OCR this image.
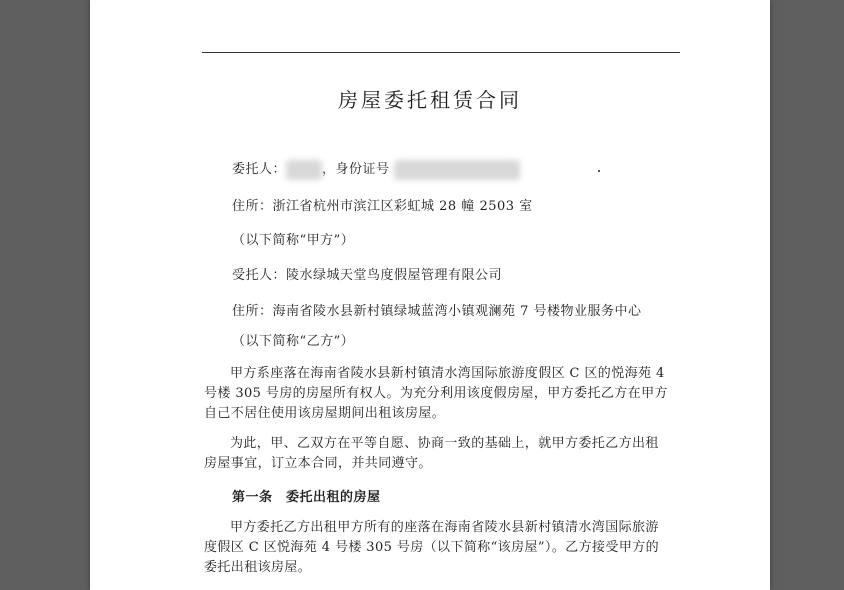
房屋委托租赁合同
委托人：	，身份证号
住所：浙江省杭州市滨江区彩虹城 28 幢 2503 室
（以下简称“甲方”）
受托人：陵水绿城天堂鸟度假屋管理有限公司
住所：海南省陵水县新村镇绿城蓝湾小镇观澜苑 7 号楼物业服务中心
（以下简称“乙方”）

甲方系座落在海南省陵水县新村镇清水湾国际旅游度假区 C 区的悦海苑 4 号楼 305 号房的房屋所有权人。为充分利用该度假房屋，甲方委托乙方在甲方自己不居住使用该房屋期间出租该房屋。

为此，甲、乙双方在平等自愿、协商一致的基础上，就甲方委托乙方出租房屋事宜，订立本合同，并共同遵守。

第一条　委托出租的房屋

甲方委托乙方出租甲方所有的座落在海南省陵水县新村镇清水湾国际旅游度假区 C 区悦海苑 4 号楼 305 号房（以下简称“该房屋”）。乙方接受甲方的委托出租该房屋。
